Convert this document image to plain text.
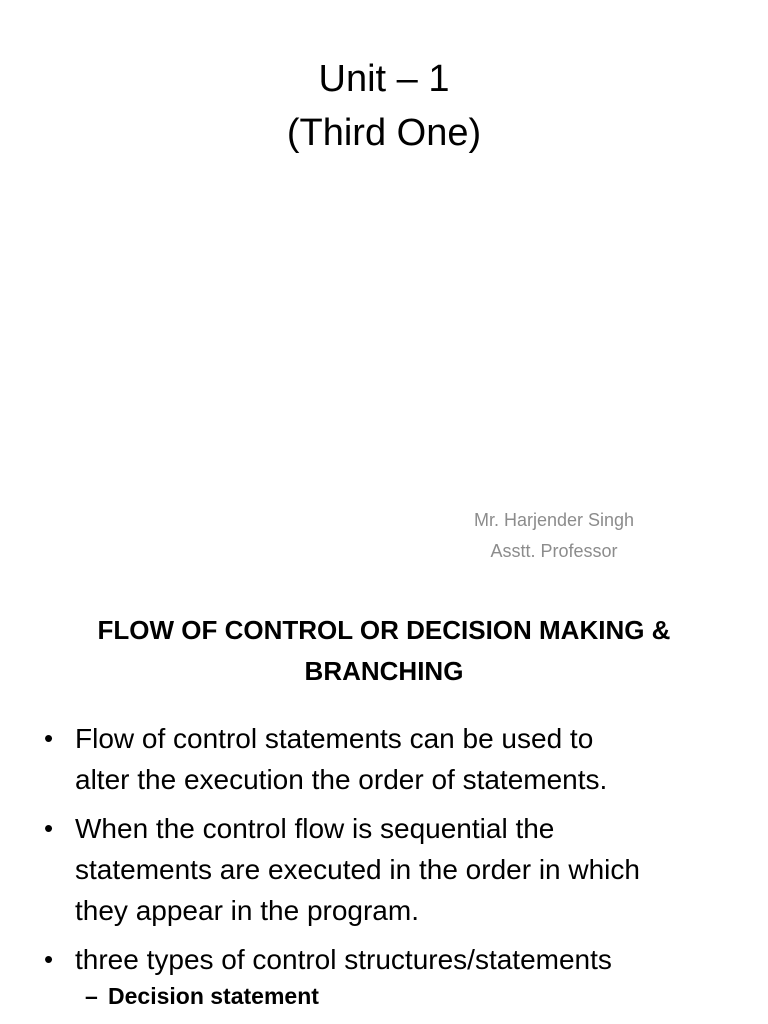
Unit – 1
(Third One)
Mr. Harjender Singh
Asstt. Professor
FLOW OF CONTROL OR DECISION MAKING &
BRANCHING
• Flow of control statements can be used to
alter the execution the order of statements.
• When the control flow is sequential the
statements are executed in the order in which
they appear in the program.
• three types of control structures/statements
– Decision statement
